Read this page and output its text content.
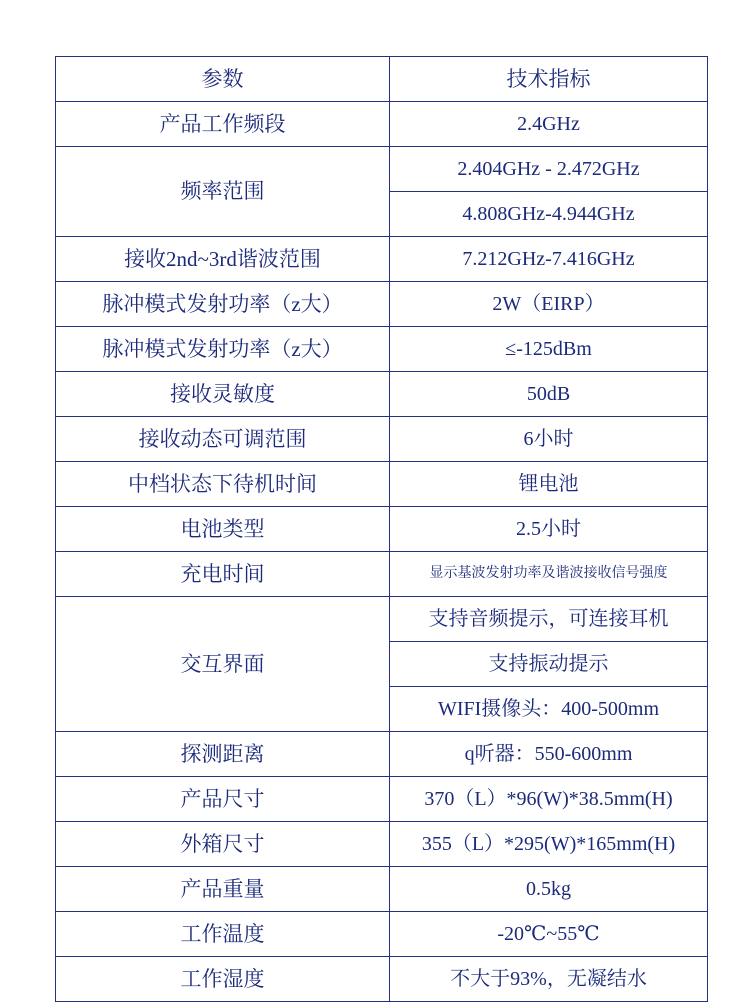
参数	技术指标
产品工作频段	2.4GHz
频率范围	2.404GHz - 2.472GHz
	4.808GHz-4.944GHz
接收2nd~3rd谐波范围	7.212GHz-7.416GHz
脉冲模式发射功率（z大）	2W（EIRP）
脉冲模式发射功率（z大）	≤-125dBm
接收灵敏度	50dB
接收动态可调范围	6小时
中档状态下待机时间	锂电池
电池类型	2.5小时
充电时间	显示基波发射功率及谐波接收信号强度
交互界面	支持音频提示，可连接耳机
	支持振动提示
	WIFI摄像头：400-500mm
探测距离	q听器：550-600mm
产品尺寸	370（L）*96(W)*38.5mm(H)
外箱尺寸	355（L）*295(W)*165mm(H)
产品重量	0.5kg
工作温度	-20℃~55℃
工作湿度	不大于93%，无凝结水
